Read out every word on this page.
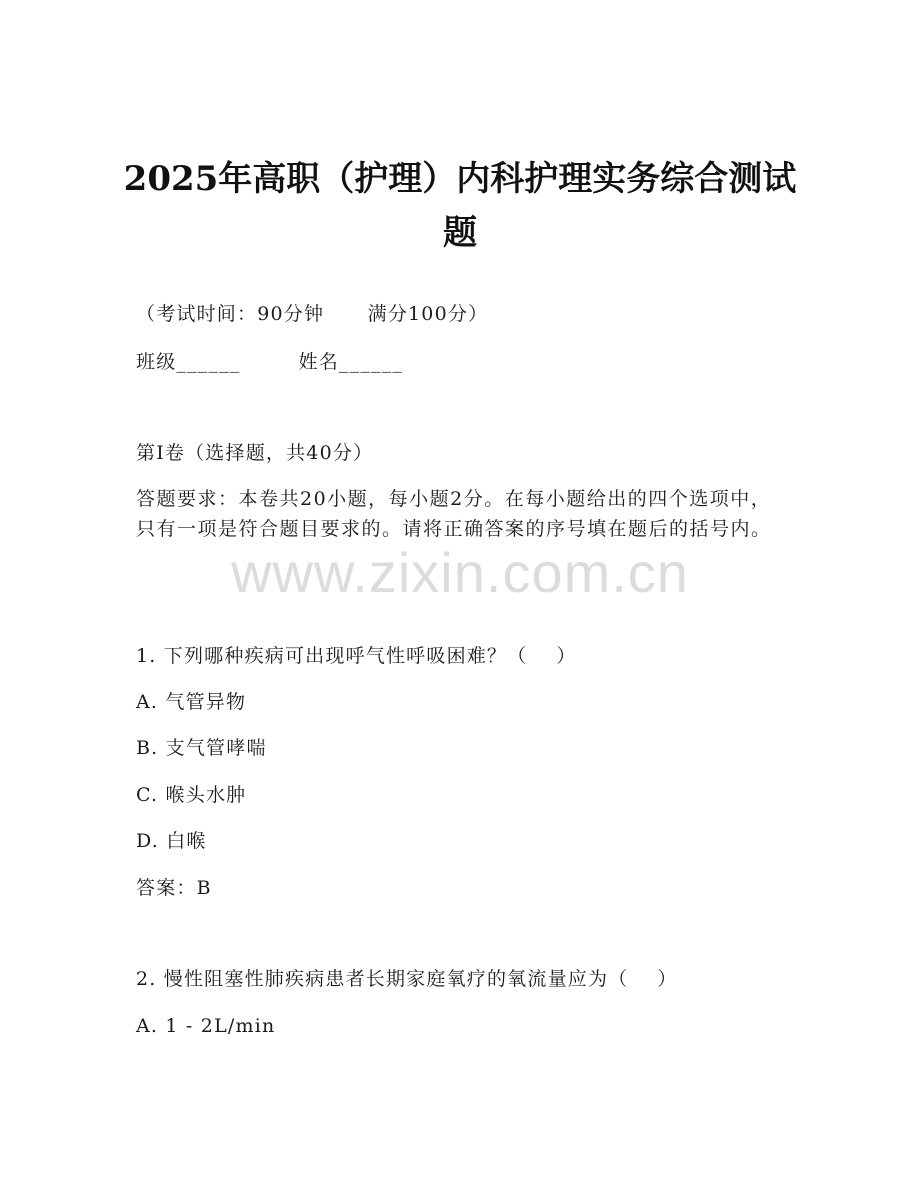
2025年高职（护理）内科护理实务综合测试题
（考试时间：90分钟      满分100分）
班级______        姓名______
第I卷（选择题，共40分）
答题要求：本卷共20小题，每小题2分。在每小题给出的四个选项中，只有一项是符合题目要求的。请将正确答案的序号填在题后的括号内。
www.zixin.com.cn
1. 下列哪种疾病可出现呼气性呼吸困难？（    ）
A. 气管异物
B. 支气管哮喘
C. 喉头水肿
D. 白喉
答案：B
2. 慢性阻塞性肺疾病患者长期家庭氧疗的氧流量应为（    ）
A. 1 - 2L/min
